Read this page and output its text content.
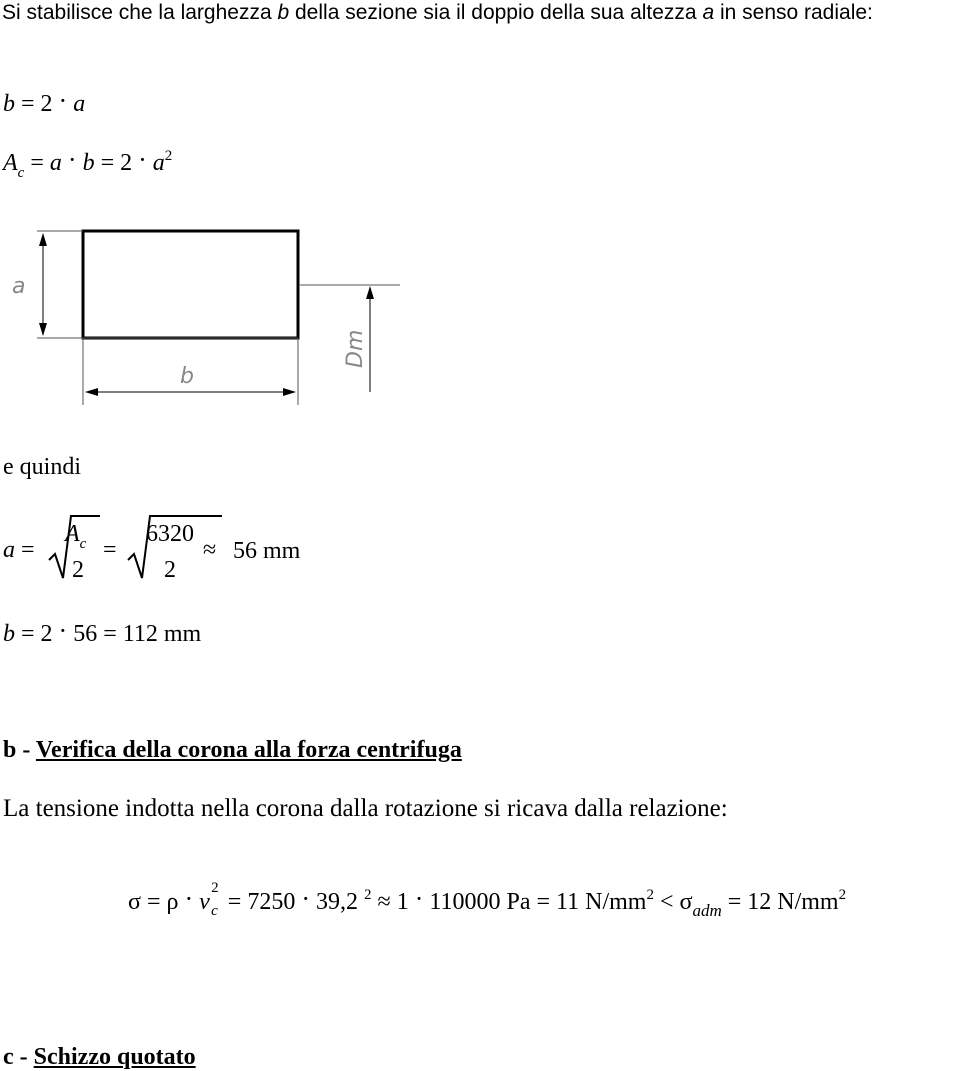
Si stabilisce che la larghezza b della sezione sia il doppio della sua altezza a in senso radiale:
b = 2 · a
$A_c = a \cdot b = 2 \cdot a^2$
a
b
Dm
e quindi
a =
$A_c$
2
=
6320
2
≈ 56 mm
b = 2 · 56 = 112 mm
b - Verifica della corona alla forza centrifuga
La tensione indotta nella corona dalla rotazione si ricava dalla relazione:
σ = ρ · v
2
c = 7250 · 39,2 $^2$ ≈ 1 · 110000 Pa = 11 $N/mm^2 < \sigma_{adm} = 12$ $N/mm^2$
c - Schizzo quotato
